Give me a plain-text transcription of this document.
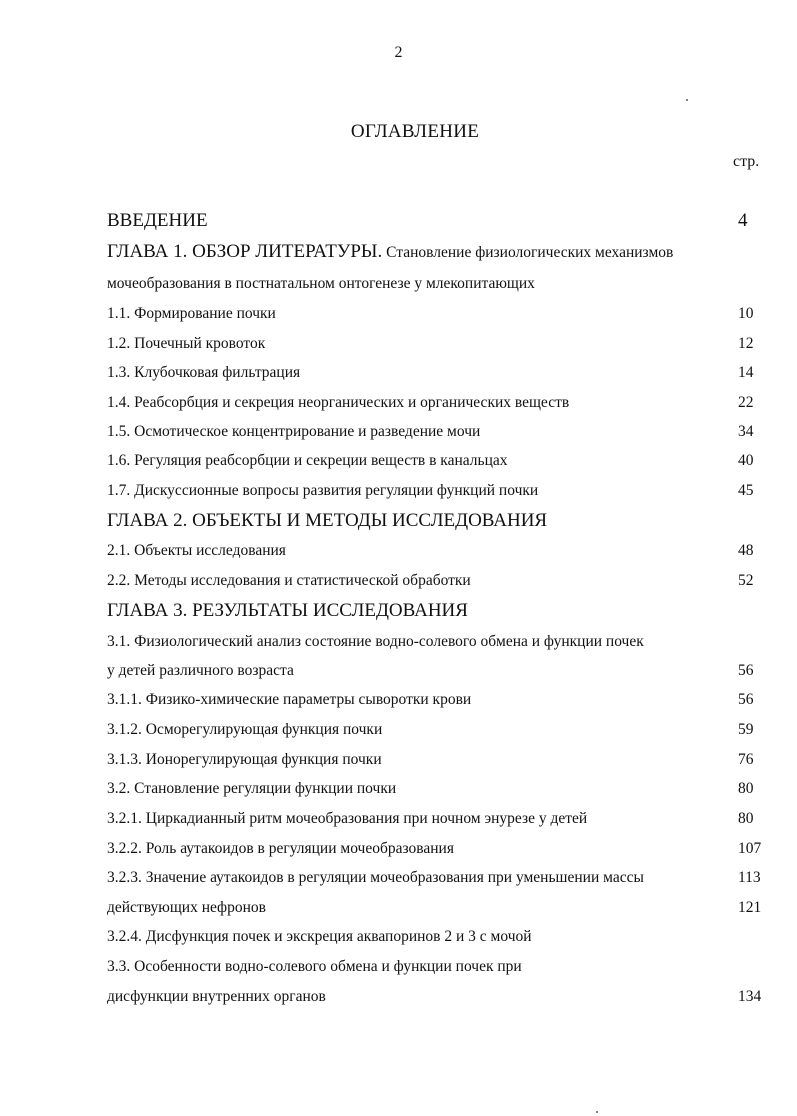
2
ОГЛАВЛЕНИЕ
стр.
ВВЕДЕНИЕ	4
ГЛАВА 1. ОБЗОР ЛИТЕРАТУРЫ. Становление физиологических механизмов
мочеобразования в постнатальном онтогенезе у млекопитающих
1.1. Формирование почки	10
1.2. Почечный кровоток	12
1.3. Клубочковая фильтрация	14
1.4. Реабсорбция и секреция неорганических и органических веществ	22
1.5. Осмотическое концентрирование и разведение мочи	34
1.6. Регуляция реабсорбции и секреции веществ в канальцах	40
1.7. Дискуссионные вопросы развития регуляции функций почки	45
ГЛАВА 2. ОБЪЕКТЫ И МЕТОДЫ ИССЛЕДОВАНИЯ
2.1. Объекты исследования	48
2.2. Методы исследования и статистической обработки	52
ГЛАВА 3. РЕЗУЛЬТАТЫ ИССЛЕДОВАНИЯ
3.1. Физиологический анализ состояние водно-солевого обмена и функции почек
у детей различного возраста	56
3.1.1. Физико-химические параметры сыворотки крови	56
3.1.2. Осморегулирующая функция почки	59
3.1.3. Ионорегулирующая функция почки	76
3.2. Становление регуляции функции почки	80
3.2.1. Циркадианный ритм мочеобразования при ночном энурезе у детей	80
3.2.2. Роль аутакоидов в регуляции мочеобразования	107
3.2.3. Значение аутакоидов в регуляции мочеобразования при уменьшении массы	113
действующих нефронов	121
3.2.4. Дисфункция почек и экскреция аквапоринов 2 и 3 с мочой
3.3. Особенности водно-солевого обмена и функции почек при
дисфункции внутренних органов	134
